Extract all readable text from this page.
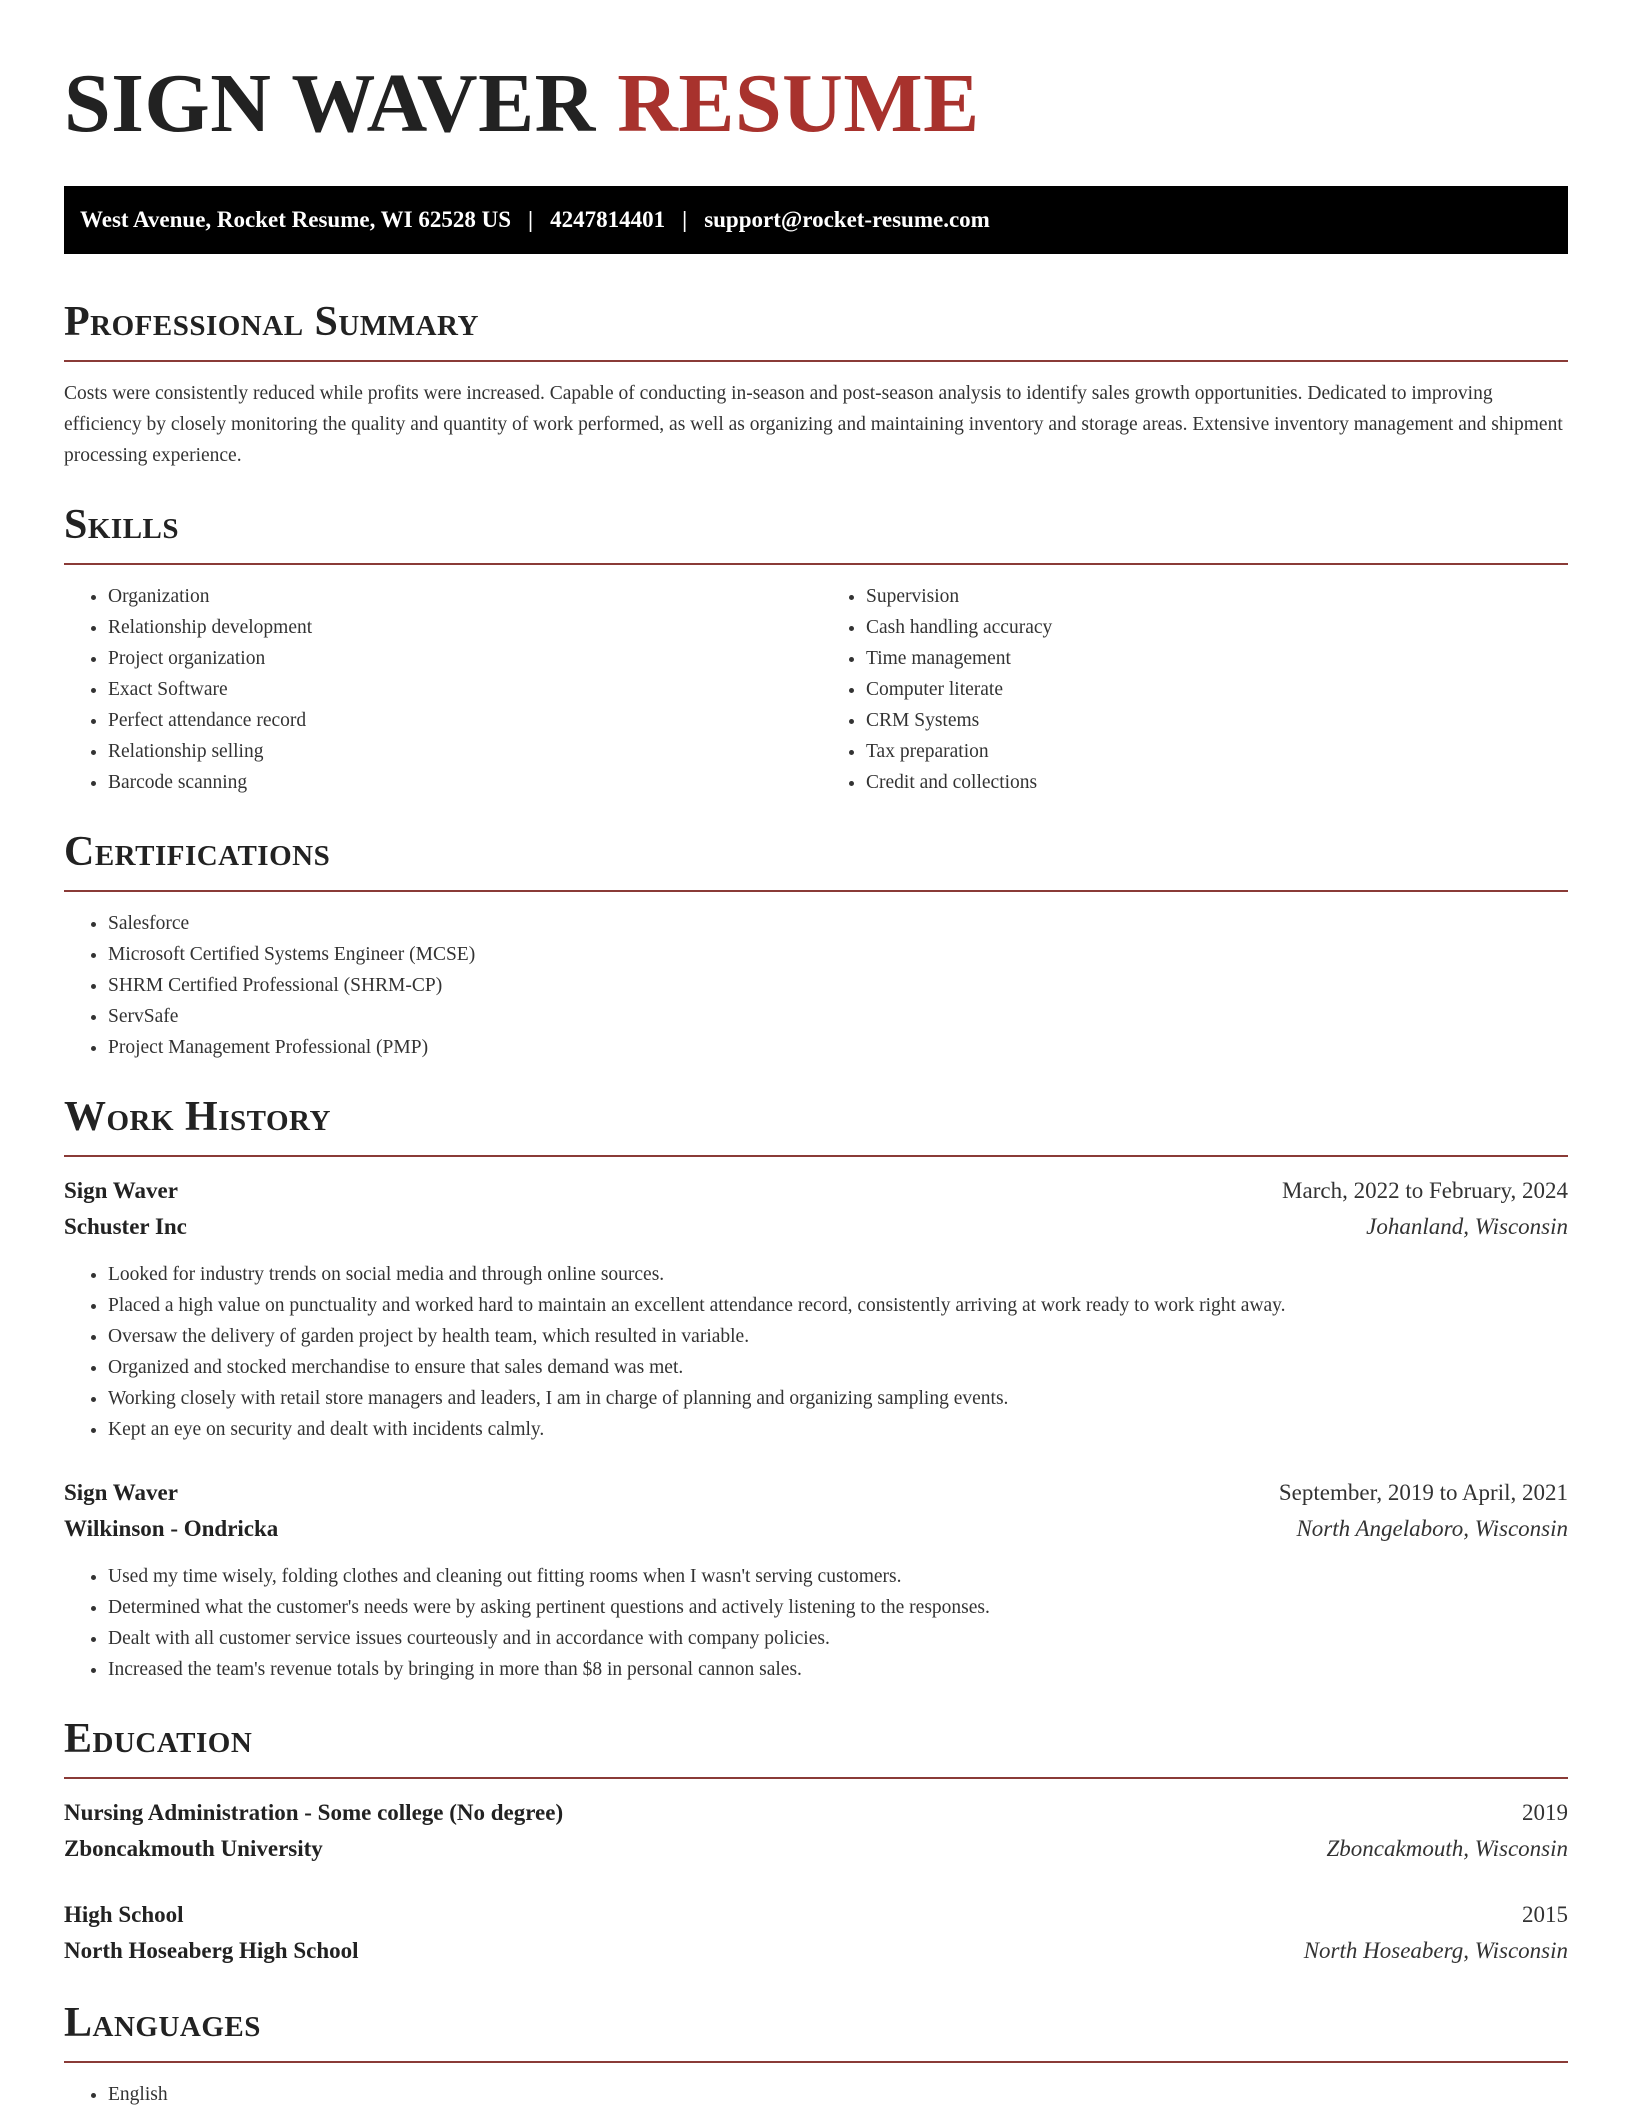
SIGN WAVER RESUME
West Avenue, Rocket Resume, WI 62528 US | 4247814401 | support@rocket-resume.com
Professional Summary

Costs were consistently reduced while profits were increased. Capable of conducting in-season and post-season analysis to identify sales growth opportunities. Dedicated to improving efficiency by closely monitoring the quality and quantity of work performed, as well as organizing and maintaining inventory and storage areas. Extensive inventory management and shipment processing experience.

Skills
• Organization
• Relationship development
• Project organization
• Exact Software
• Perfect attendance record
• Relationship selling
• Barcode scanning
• Supervision
• Cash handling accuracy
• Time management
• Computer literate
• CRM Systems
• Tax preparation
• Credit and collections
Certifications
• Salesforce
• Microsoft Certified Systems Engineer (MCSE)
• SHRM Certified Professional (SHRM-CP)
• ServSafe
• Project Management Professional (PMP)
Work History
Sign Waver	March, 2022 to February, 2024
Schuster Inc	Johanland, Wisconsin
• Looked for industry trends on social media and through online sources.
• Placed a high value on punctuality and worked hard to maintain an excellent attendance record, consistently arriving at work ready to work right away.
• Oversaw the delivery of garden project by health team, which resulted in variable.
• Organized and stocked merchandise to ensure that sales demand was met.
• Working closely with retail store managers and leaders, I am in charge of planning and organizing sampling events.
• Kept an eye on security and dealt with incidents calmly.
Sign Waver	September, 2019 to April, 2021
Wilkinson - Ondricka	North Angelaboro, Wisconsin
• Used my time wisely, folding clothes and cleaning out fitting rooms when I wasn't serving customers.
• Determined what the customer's needs were by asking pertinent questions and actively listening to the responses.
• Dealt with all customer service issues courteously and in accordance with company policies.
• Increased the team's revenue totals by bringing in more than $8 in personal cannon sales.
Education
Nursing Administration - Some college (No degree)	2019
Zboncakmouth University	Zboncakmouth, Wisconsin
High School	2015
North Hoseaberg High School	North Hoseaberg, Wisconsin
Languages
• English
